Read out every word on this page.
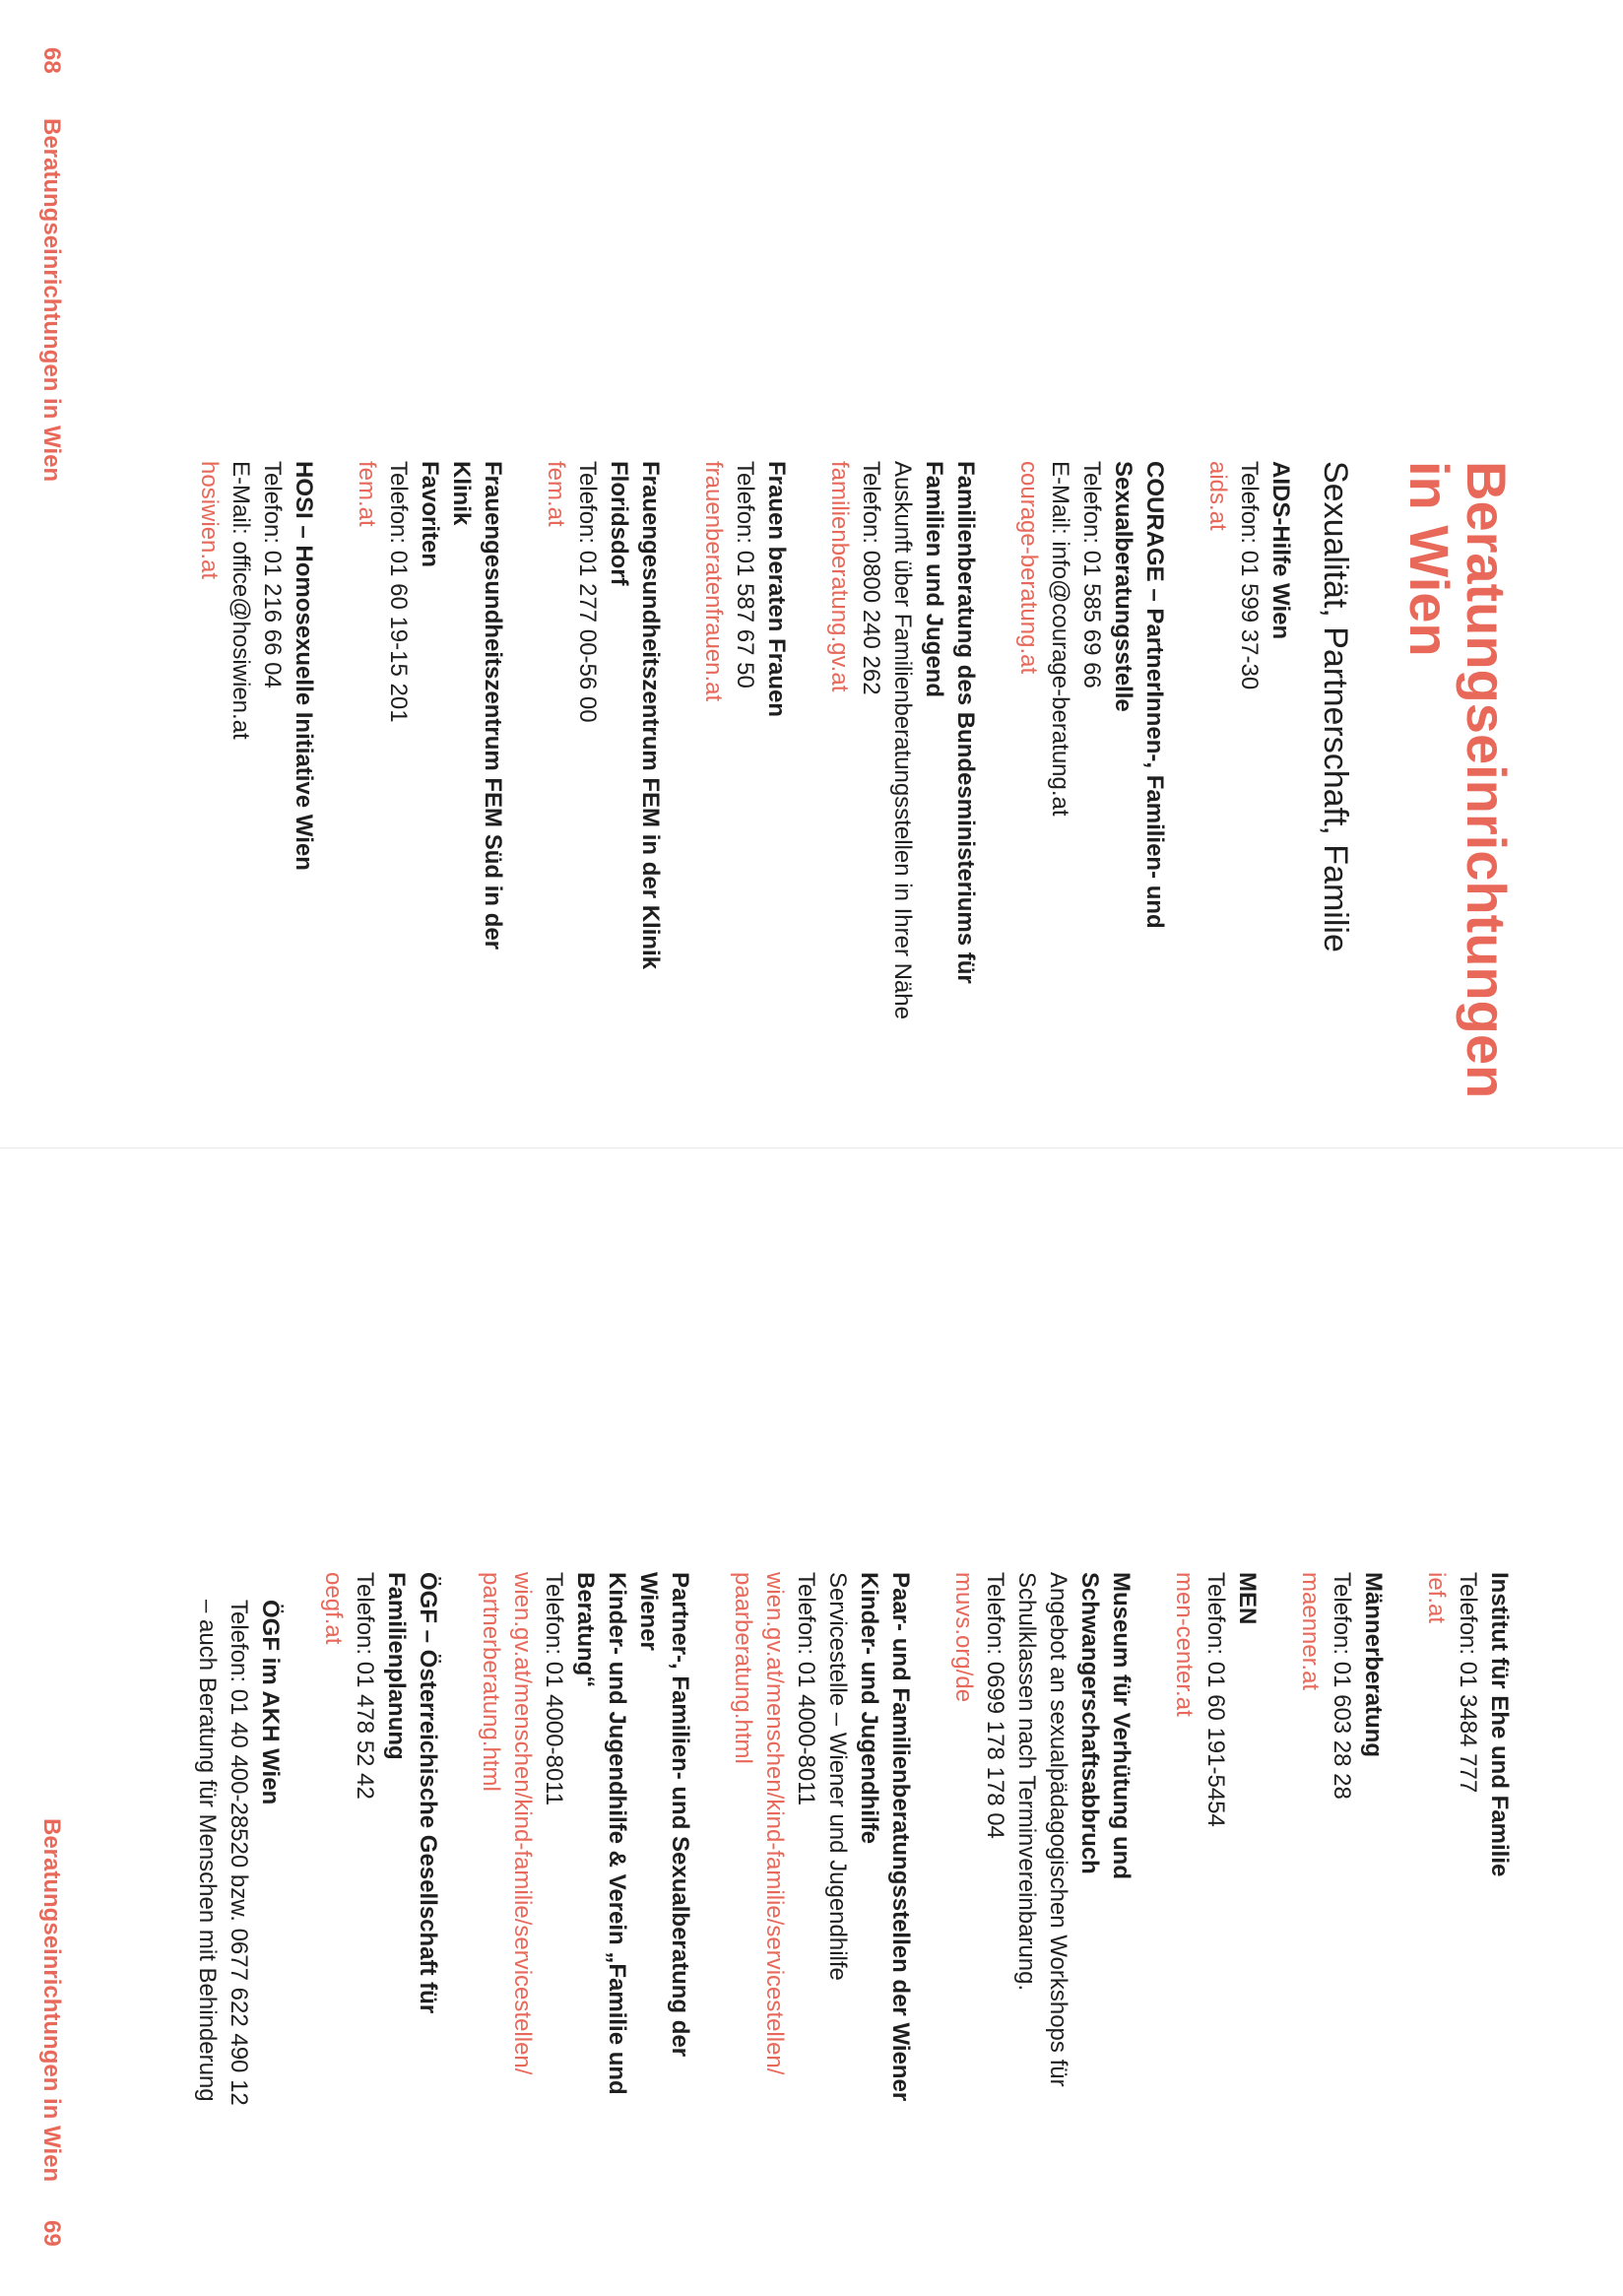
68
Beratungseinrichtungen in Wien
Beratungseinrichtungen
in Wien
Sexualität, Partnerschaft, Familie
AIDS-Hilfe Wien
Telefon: 01 599 37-30
aids.at
COURAGE – PartnerInnen-, Familien- und
Sexualberatungsstelle
Telefon: 01 585 69 66
E-Mail: info@courage-beratung.at
courage-beratung.at
Familienberatung des Bundesministeriums für
Familien und Jugend
Auskunft über Familienberatungsstellen in Ihrer Nähe
Telefon: 0800 240 262
familienberatung.gv.at
Frauen beraten Frauen
Telefon: 01 587 67 50
frauenberatenfrauen.at
Frauengesundheitszentrum FEM in der Klinik
Floridsdorf
Telefon: 01 277 00-56 00
fem.at
Frauengesundheitszentrum FEM Süd in der Klinik
Favoriten
Telefon: 01 60 19-15 201
fem.at
HOSI – Homosexuelle Initiative Wien
Telefon: 01 216 66 04
E-Mail: office@hosiwien.at
hosiwien.at
Institut für Ehe und Familie
Telefon: 01 3484 777
ief.at
Männerberatung
Telefon: 01 603 28 28
maenner.at
MEN
Telefon: 01 60 191-5454
men-center.at
Museum für Verhütung und Schwangerschaftsabbruch
Angebot an sexualpädagogischen Workshops für
Schulklassen nach Terminvereinbarung.
Telefon: 0699 178 178 04
muvs.org/de
Paar- und Familienberatungsstellen der Wiener
Kinder- und Jugendhilfe
Servicestelle – Wiener und Jugendhilfe
Telefon: 01 4000-8011
wien.gv.at/menschen/kind-familie/servicestellen/
paarberatung.html
Partner-, Familien- und Sexualberatung der Wiener
Kinder- und Jugendhilfe & Verein „Familie und
Beratung“
Telefon: 01 4000-8011
wien.gv.at/menschen/kind-familie/servicestellen/
partnerberatung.html
ÖGF – Österreichische Gesellschaft für Familienplanung
Telefon: 01 478 52 42
oegf.at
ÖGF im AKH Wien
Telefon: 01 40 400-28520 bzw. 0677 622 490 12
– auch Beratung für Menschen mit Behinderung
Beratungseinrichtungen in Wien
69
